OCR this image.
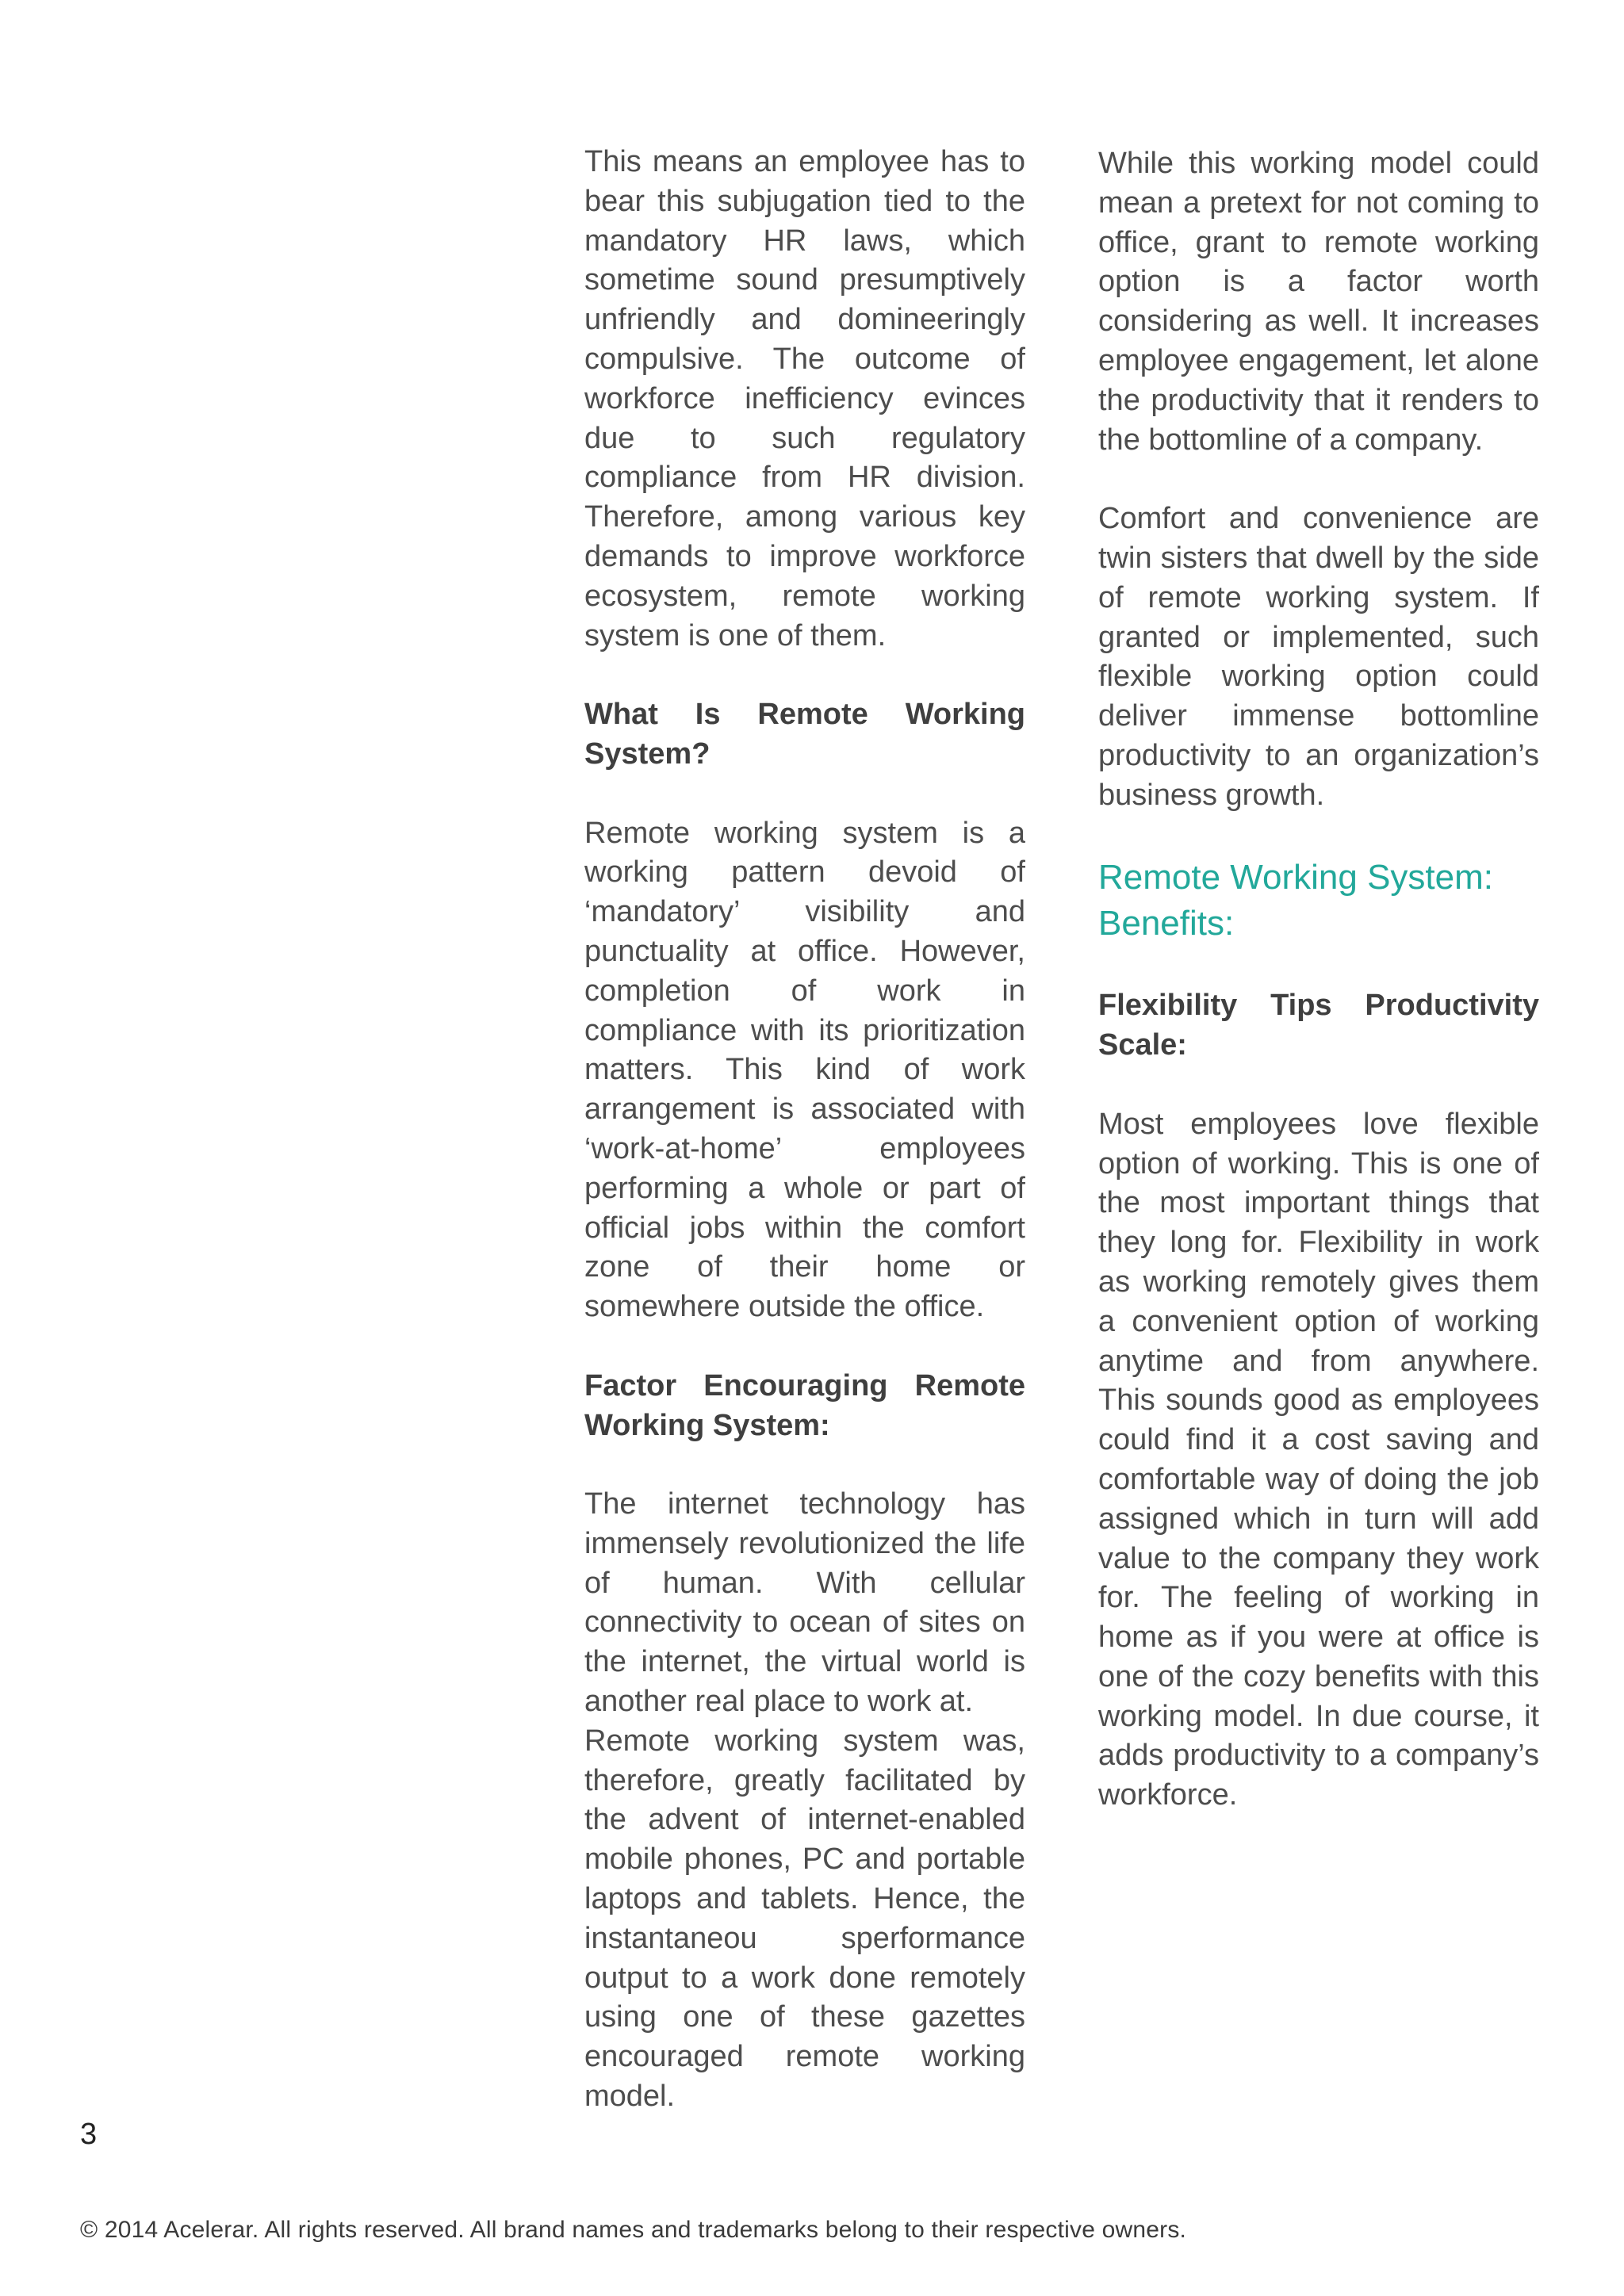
This means an employee has to bear this subjugation tied to the mandatory HR laws, which sometime sound presumptively unfriendly and domineeringly compulsive. The outcome of workforce inefficiency evinces due to such regulatory compliance from HR division. Therefore, among various key demands to improve workforce ecosystem, remote working system is one of them.

What Is Remote Working System?

Remote working system is a working pattern devoid of ‘mandatory’ visibility and punctuality at office. However, completion of work in compliance with its prioritization matters. This kind of work arrangement is associated with ‘work-at-home’ employees performing a whole or part of official jobs within the comfort zone of their home or somewhere outside the office.

Factor Encouraging Remote Working System:

The internet technology has immensely revolutionized the life of human. With cellular connectivity to ocean of sites on the internet, the virtual world is another real place to work at.

Remote working system was, therefore, greatly facilitated by the advent of internet-enabled mobile phones, PC and portable laptops and tablets. Hence, the instantaneou sperformance output to a work done remotely using one of these gazettes encouraged remote working model.

While this working model could mean a pretext for not coming to office, grant to remote working option is a factor worth considering as well. It increases employee engagement, let alone the productivity that it renders to the bottomline of a company.

Comfort and convenience are twin sisters that dwell by the side of remote working system. If granted or implemented, such flexible working option could deliver immense bottomline productivity to an organization’s business growth.

Remote Working System: Benefits:
Flexibility Tips Productivity Scale:

Most employees love flexible option of working. This is one of the most important things that they long for. Flexibility in work as working remotely gives them a convenient option of working anytime and from anywhere. This sounds good as employees could find it a cost saving and comfortable way of doing the job assigned which in turn will add value to the company they work for. The feeling of working in home as if you were at office is one of the cozy benefits with this working model. In due course, it adds productivity to a company’s workforce.

3
© 2014 Acelerar. All rights reserved. All brand names and trademarks belong to their respective owners.
